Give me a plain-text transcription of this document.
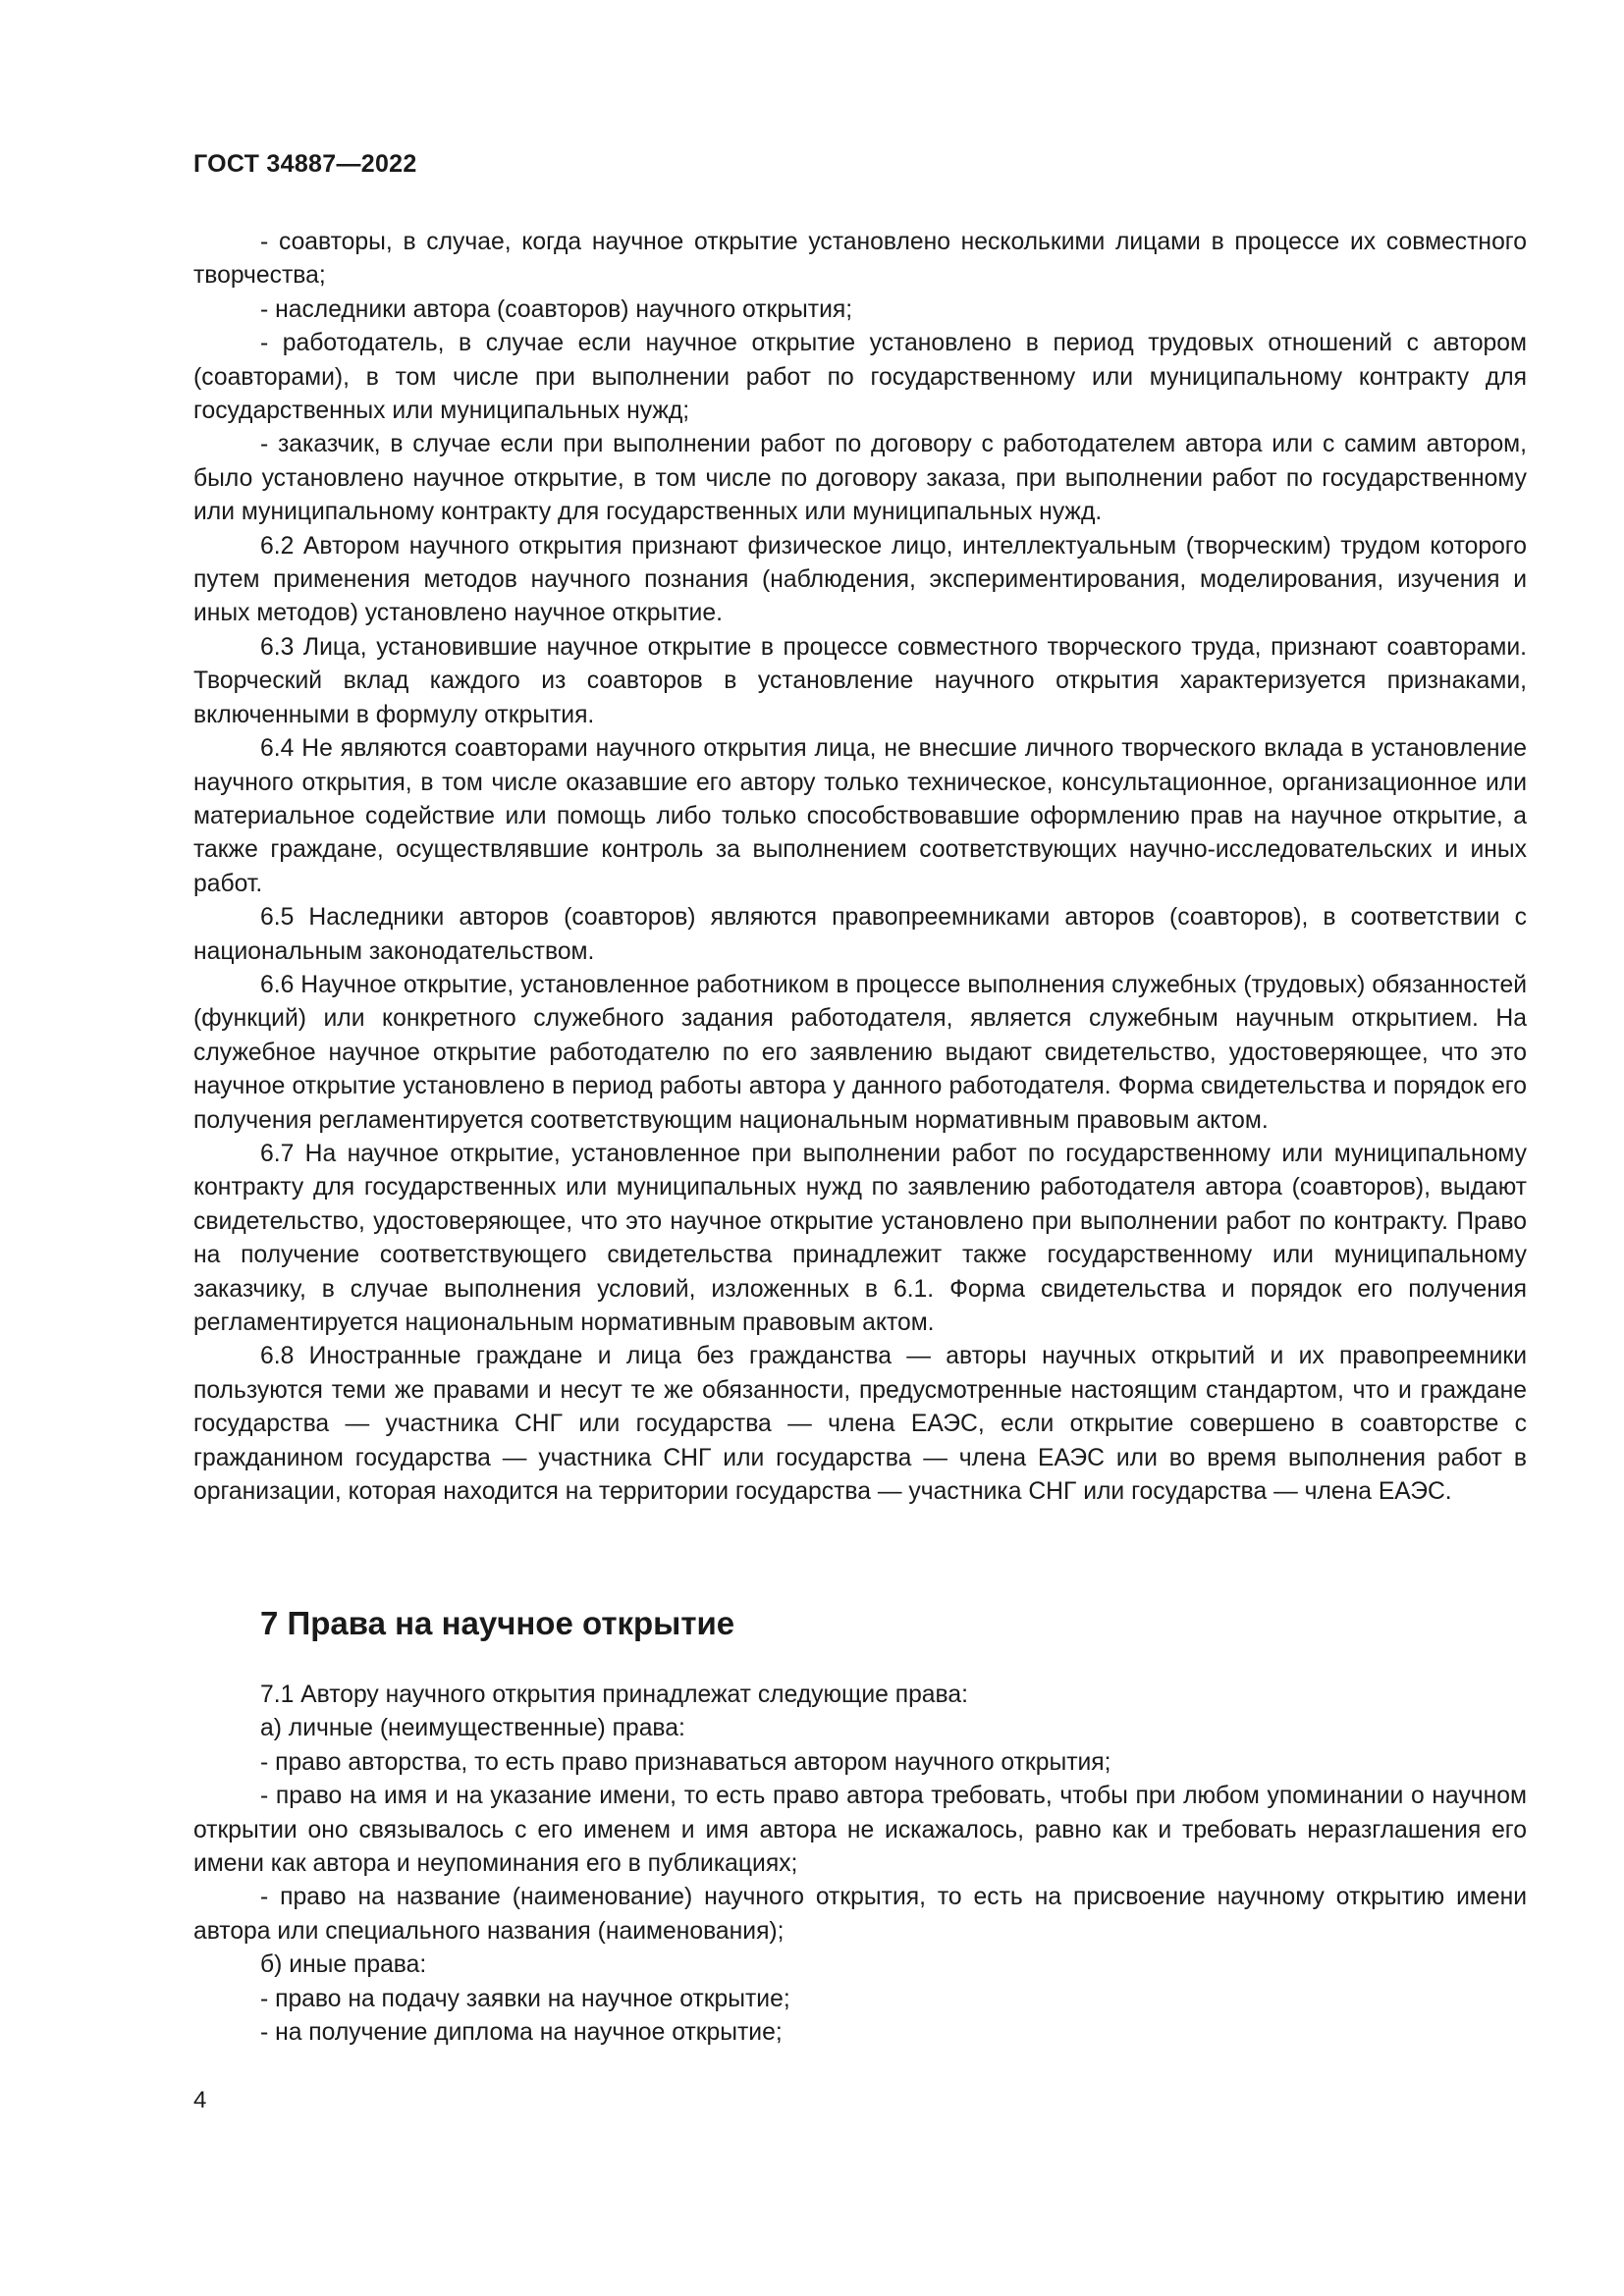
ГОСТ 34887—2022

- соавторы, в случае, когда научное открытие установлено несколькими лицами в процессе их совместного творчества;

- наследники автора (соавторов) научного открытия;

- работодатель, в случае если научное открытие установлено в период трудовых отношений с автором (соавторами), в том числе при выполнении работ по государственному или муниципальному контракту для государственных или муниципальных нужд;

- заказчик, в случае если при выполнении работ по договору с работодателем автора или с самим автором, было установлено научное открытие, в том числе по договору заказа, при выполнении работ по государственному или муниципальному контракту для государственных или муниципальных нужд.

6.2 Автором научного открытия признают физическое лицо, интеллектуальным (творческим) трудом которого путем применения методов научного познания (наблюдения, экспериментирования, моделирования, изучения и иных методов) установлено научное открытие.

6.3 Лица, установившие научное открытие в процессе совместного творческого труда, признают соавторами. Творческий вклад каждого из соавторов в установление научного открытия характеризуется признаками, включенными в формулу открытия.

6.4 Не являются соавторами научного открытия лица, не внесшие личного творческого вклада в установление научного открытия, в том числе оказавшие его автору только техническое, консультационное, организационное или материальное содействие или помощь либо только способствовавшие оформлению прав на научное открытие, а также граждане, осуществлявшие контроль за выполнением соответствующих научно-исследовательских и иных работ.

6.5 Наследники авторов (соавторов) являются правопреемниками авторов (соавторов), в соответствии с национальным законодательством.

6.6 Научное открытие, установленное работником в процессе выполнения служебных (трудовых) обязанностей (функций) или конкретного служебного задания работодателя, является служебным научным открытием. На служебное научное открытие работодателю по его заявлению выдают свидетельство, удостоверяющее, что это научное открытие установлено в период работы автора у данного работодателя. Форма свидетельства и порядок его получения регламентируется соответствующим национальным нормативным правовым актом.

6.7 На научное открытие, установленное при выполнении работ по государственному или муниципальному контракту для государственных или муниципальных нужд по заявлению работодателя автора (соавторов), выдают свидетельство, удостоверяющее, что это научное открытие установлено при выполнении работ по контракту. Право на получение соответствующего свидетельства принадлежит также государственному или муниципальному заказчику, в случае выполнения условий, изложенных в 6.1. Форма свидетельства и порядок его получения регламентируется национальным нормативным правовым актом.

6.8 Иностранные граждане и лица без гражданства — авторы научных открытий и их правопреемники пользуются теми же правами и несут те же обязанности, предусмотренные настоящим стандартом, что и граждане государства — участника СНГ или государства — члена ЕАЭС, если открытие совершено в соавторстве с гражданином государства — участника СНГ или государства — члена ЕАЭС или во время выполнения работ в организации, которая находится на территории государства — участника СНГ или государства — члена ЕАЭС.

7 Права на научное открытие

7.1 Автору научного открытия принадлежат следующие права:

а) личные (неимущественные) права:

- право авторства, то есть право признаваться автором научного открытия;

- право на имя и на указание имени, то есть право автора требовать, чтобы при любом упоминании о научном открытии оно связывалось с его именем и имя автора не искажалось, равно как и требовать неразглашения его имени как автора и неупоминания его в публикациях;

- право на название (наименование) научного открытия, то есть на присвоение научному открытию имени автора или специального названия (наименования);

б) иные права:

- право на подачу заявки на научное открытие;

- на получение диплома на научное открытие;

4
